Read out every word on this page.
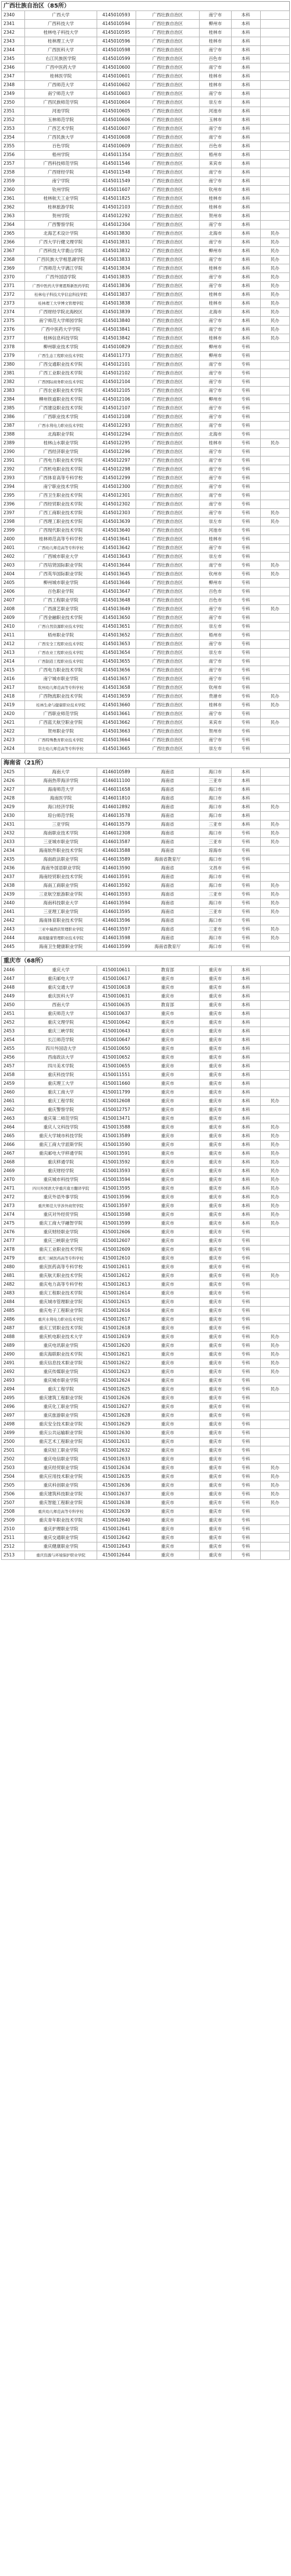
广西壮族自治区（85所）
2340	广西大学	4145010593	广西壮族自治区	南宁市	本科	
2341	广西科技大学	4145010594	广西壮族自治区	柳州市	本科	
2342	桂林电子科技大学	4145010595	广西壮族自治区	桂林市	本科	
2343	桂林理工大学	4145010596	广西壮族自治区	桂林市	本科	
2344	广西医科大学	4145010598	广西壮族自治区	南宁市	本科	
2345	右江民族医学院	4145010599	广西壮族自治区	百色市	本科	
2346	广西中医药大学	4145010600	广西壮族自治区	南宁市	本科	
2347	桂林医学院	4145010601	广西壮族自治区	桂林市	本科	
2348	广西师范大学	4145010602	广西壮族自治区	桂林市	本科	
2349	南宁师范大学	4145010603	广西壮族自治区	南宁市	本科	
2350	广西民族师范学院	4145010604	广西壮族自治区	崇左市	本科	
2351	河池学院	4145010605	广西壮族自治区	河池市	本科	
2352	玉林师范学院	4145010606	广西壮族自治区	玉林市	本科	
2353	广西艺术学院	4145010607	广西壮族自治区	南宁市	本科	
2354	广西民族大学	4145010608	广西壮族自治区	南宁市	本科	
2355	百色学院	4145010609	广西壮族自治区	百色市	本科	
2356	梧州学院	4145011354	广西壮族自治区	梧州市	本科	
2357	广西科技师范学院	4145011546	广西壮族自治区	来宾市	本科	
2358	广西财经学院	4145011548	广西壮族自治区	南宁市	本科	
2359	南宁学院	4145011549	广西壮族自治区	南宁市	本科	
2360	钦州学院	4145011607	广西壮族自治区	钦州市	本科	
2361	桂林航天工业学院	4145011825	广西壮族自治区	桂林市	本科	
2362	桂林旅游学院	4145012103	广西壮族自治区	桂林市	本科	
2363	贺州学院	4145012292	广西壮族自治区	贺州市	本科	
2364	广西警察学院	4145012304	广西壮族自治区	南宁市	本科	
2365	北海艺术设计学院	4145013830	广西壮族自治区	北海市	本科	民办
2366	广西大学行健文理学院	4145013831	广西壮族自治区	南宁市	本科	民办
2367	广西科技大学鹿山学院	4145013832	广西壮族自治区	柳州市	本科	民办
2368	广西民族大学相思湖学院	4145013833	广西壮族自治区	南宁市	本科	民办
2369	广西师范大学漓江学院	4145013834	广西壮族自治区	桂林市	本科	民办
2370	广西外国语学院	4145013835	广西壮族自治区	南宁市	本科	民办
2371	广西中医药大学赛恩斯新医药学院	4145013836	广西壮族自治区	南宁市	本科	民办
2372	桂林电子科技大学信息科技学院	4145013837	广西壮族自治区	桂林市	本科	民办
2373	桂林理工大学博文管理学院	4145013838	广西壮族自治区	桂林市	本科	民办
2374	广西财经学院北海校区	4145013839	广西壮族自治区	北海市	本科	民办
2375	南宁师范大学师园学院	4145013840	广西壮族自治区	南宁市	本科	民办
2376	广西中医药大学学院	4145013841	广西壮族自治区	南宁市	本科	民办
2377	桂林信息科技学院	4145013842	广西壮族自治区	桂林市	本科	民办
2378	柳州职业技术学院	4145010829	广西壮族自治区	柳州市	专科	
2379	广西生态工程职业技术学院	4145011773	广西壮族自治区	柳州市	专科	
2380	广西交通职业技术学院	4145012101	广西壮族自治区	南宁市	专科	
2381	广西工业职业技术学院	4145012102	广西壮族自治区	南宁市	专科	
2382	广西国际商务职业技术学院	4145012104	广西壮族自治区	南宁市	专科	
2383	广西农业职业技术学院	4145012105	广西壮族自治区	南宁市	专科	
2384	柳州铁道职业技术学院	4145012106	广西壮族自治区	柳州市	专科	
2385	广西建设职业技术学院	4145012107	广西壮族自治区	南宁市	专科	
2386	广西职业技术学院	4145012108	广西壮族自治区	南宁市	专科	
2387	广西水利电力职业技术学院	4145012293	广西壮族自治区	南宁市	专科	
2388	北海职业学院	4145012294	广西壮族自治区	北海市	专科	
2389	桂林山水职业学院	4145012295	广西壮族自治区	桂林市	专科	民办
2390	广西经济职业学院	4145012296	广西壮族自治区	南宁市	专科	
2391	广西电力职业技术学院	4145012297	广西壮族自治区	南宁市	专科	
2392	广西机电职业技术学院	4145012298	广西壮族自治区	南宁市	专科	
2393	广西体育高等专科学校	4145012299	广西壮族自治区	南宁市	专科	
2394	南宁职业技术学院	4145012300	广西壮族自治区	南宁市	专科	
2395	广西卫生职业技术学院	4145012301	广西壮族自治区	南宁市	专科	
2396	广西经贸职业技术学院	4145012302	广西壮族自治区	南宁市	专科	
2397	广西工商职业技术学院	4145012303	广西壮族自治区	南宁市	专科	民办
2398	广西理工职业技术学院	4145013639	广西壮族自治区	崇左市	专科	民办
2399	广西现代职业技术学院	4145013640	广西壮族自治区	河池市	专科	
2400	桂林师范高等专科学校	4145013641	广西壮族自治区	桂林市	专科	
2401	广西幼儿师范高等专科学校	4145013642	广西壮族自治区	南宁市	专科	
2402	广西城市职业大学	4145013643	广西壮族自治区	崇左市	专科	
2403	广西培贤国际职业学院	4145013644	广西壮族自治区	南宁市	专科	民办
2404	广西英华国际职业学院	4145013645	广西壮族自治区	钦州市	专科	民办
2405	柳州城市职业学院	4145013646	广西壮族自治区	柳州市	专科	
2406	百色职业学院	4145013647	广西壮族自治区	百色市	专科	
2407	广西工程职业学院	4145013648	广西壮族自治区	百色市	专科	
2408	广西演艺职业学院	4145013649	广西壮族自治区	南宁市	专科	民办
2409	广西金融职业技术学院	4145013650	广西壮族自治区	南宁市	专科	
2410	广西自然资源职业技术学院	4145013651	广西壮族自治区	崇左市	专科	
2411	梧州职业学院	4145013652	广西壮族自治区	梧州市	专科	
2412	广西安全工程职业技术学院	4145013653	广西壮族自治区	南宁市	专科	
2413	广西农业工程职业技术学院	4145013654	广西壮族自治区	崇左市	专科	
2414	广西制造工程职业技术学院	4145013655	广西壮族自治区	南宁市	专科	
2415	广西电力职业技术学院	4145013656	广西壮族自治区	南宁市	专科	
2416	南宁城市职业学院	4145013657	广西壮族自治区	南宁市	专科	
2417	钦州幼儿师范高等专科学校	4145013658	广西壮族自治区	钦州市	专科	
2418	广西物流职业技术学院	4145013659	广西壮族自治区	贵港市	专科	民办
2419	桂林生命与健康职业技术学院	4145013660	广西壮族自治区	桂林市	专科	民办
2420	广西职业师范学院	4145013661	广西壮族自治区	南宁市	专科	
2421	广西蓝天航空职业学院	4145013662	广西壮族自治区	来宾市	专科	民办
2422	贺州职业学院	4145013663	广西壮族自治区	贺州市	专科	
2423	广西特殊教育职业技术学院	4145013664	广西壮族自治区	南宁市	专科	
2424	崇左幼儿师范高等专科学校	4145013665	广西壮族自治区	崇左市	专科	
海南省（21所）
2425	海南大学	4146010589	海南省	海口市	本科	
2426	海南热带海洋学院	4146011100	海南省	三亚市	本科	
2427	海南师范大学	4146011658	海南省	海口市	本科	
2428	海南医学院	4146011810	海南省	海口市	本科	
2429	海口经济学院	4146012892	海南省	海口市	本科	民办
2430	琼台师范学院	4146013578	海南省	海口市	本科	
2431	三亚学院	4146013579	海南省	三亚市	本科	民办
2432	海南职业技术学院	4146012308	海南省	海口市	专科	民办
2433	三亚城市职业学院	4146013587	海南省	三亚市	专科	民办
2434	海南软件职业技术学院	4146013588	海南省	琼海市	专科	
2435	海南政法职业学院	4146013589	海南省教育厅	海口市	专科	
2436	海南外国语职业学院	4146013590	海南省	文昌市	专科	
2437	海南经贸职业技术学院	4146013591	海南省	海口市	专科	
2438	海南工商职业学院	4146013592	海南省	海口市	专科	民办
2439	三亚航空旅游职业学院	4146013593	海南省	三亚市	专科	民办
2440	海南科技职业大学	4146013594	海南省	海口市	专科	民办
2441	三亚理工职业学院	4146013595	海南省	三亚市	专科	民办
2442	海南体育职业技术学院	4146013596	海南省	海口市	专科	
2443	三亚中瑞酒店管理职业学院	4146013597	海南省	三亚市	专科	民办
2444	海南健康管理职业技术学院	4146013598	海南省	海口市	专科	民办
2445	海南卫生健康职业学院	4146013599	海南省教育厅	海口市	专科	
重庆市（68所）
2446	重庆大学	4150010611	教育部	重庆市	本科	
2447	重庆邮电大学	4150010617	重庆市	重庆市	本科	
2448	重庆交通大学	4150010618	重庆市	重庆市	本科	
2449	重庆医科大学	4150010631	重庆市	重庆市	本科	
2450	西南大学	4150010635	教育部	重庆市	本科	
2451	重庆师范大学	4150010637	重庆市	重庆市	本科	
2452	重庆文理学院	4150010642	重庆市	重庆市	本科	
2453	重庆三峡学院	4150010643	重庆市	重庆市	本科	
2454	长江师范学院	4150010647	重庆市	重庆市	本科	
2455	四川外国语大学	4150010650	重庆市	重庆市	本科	
2456	西南政法大学	4150010652	重庆市	重庆市	本科	
2457	四川美术学院	4150010655	重庆市	重庆市	本科	
2458	重庆科技学院	4150011551	重庆市	重庆市	本科	
2459	重庆理工大学	4150011660	重庆市	重庆市	本科	
2460	重庆工商大学	4150011799	重庆市	重庆市	本科	
2461	重庆工程学院	4150012608	重庆市	重庆市	本科	民办
2462	重庆警察学院	4150012757	重庆市	重庆市	本科	
2463	重庆第二师范学院	4150013471	重庆市	重庆市	本科	
2464	重庆人文科技学院	4150013588	重庆市	重庆市	本科	民办
2465	重庆大学城市科技学院	4150013589	重庆市	重庆市	本科	民办
2466	重庆工商大学派斯学院	4150013590	重庆市	重庆市	本科	民办
2467	重庆邮电大学移通学院	4150013591	重庆市	重庆市	本科	民办
2468	重庆移通学院	4150013592	重庆市	重庆市	本科	民办
2469	重庆财经学院	4150013593	重庆市	重庆市	本科	民办
2470	重庆城市科技学院	4150013594	重庆市	重庆市	本科	民办
2471	四川外国语大学重庆南方翻译学院	4150013595	重庆市	重庆市	本科	民办
2472	重庆外语外事学院	4150013596	重庆市	重庆市	本科	民办
2473	重庆师范大学涉外商贸学院	4150013597	重庆市	重庆市	本科	民办
2474	重庆对外经贸学院	4150013598	重庆市	重庆市	本科	民办
2475	重庆工商大学融智学院	4150013599	重庆市	重庆市	本科	民办
2476	重庆财经职业学院	4150012606	重庆市	重庆市	专科	
2477	重庆三峡职业学院	4150012607	重庆市	重庆市	专科	
2478	重庆工业职业技术学院	4150012609	重庆市	重庆市	专科	
2479	重庆三峡医药高等专科学校	4150012610	重庆市	重庆市	专科	
2480	重庆医药高等专科学校	4150012611	重庆市	重庆市	专科	
2481	重庆航天职业技术学院	4150012612	重庆市	重庆市	专科	民办
2482	重庆电力高等专科学校	4150012613	重庆市	重庆市	专科	
2483	重庆工程职业技术学院	4150012614	重庆市	重庆市	专科	
2484	重庆城市管理职业学院	4150012615	重庆市	重庆市	专科	
2485	重庆电子工程职业学院	4150012616	重庆市	重庆市	专科	
2486	重庆水利电力职业技术学院	4150012617	重庆市	重庆市	专科	
2487	重庆工贸职业技术学院	4150012618	重庆市	重庆市	专科	
2488	重庆机电职业技术大学	4150012619	重庆市	重庆市	专科	民办
2489	重庆电讯职业学院	4150012620	重庆市	重庆市	专科	民办
2490	重庆海联职业技术学院	4150012621	重庆市	重庆市	专科	民办
2491	重庆信息技术职业学院	4150012622	重庆市	重庆市	专科	民办
2492	重庆传媒职业学院	4150012623	重庆市	重庆市	专科	民办
2493	重庆城市职业学院	4150012624	重庆市	重庆市	专科	
2494	重庆工程学院	4150012625	重庆市	重庆市	专科	民办
2495	重庆建筑工程职业学院	4150012626	重庆市	重庆市	专科	
2496	重庆化工职业学院	4150012627	重庆市	重庆市	专科	
2497	重庆旅游职业学院	4150012628	重庆市	重庆市	专科	
2498	重庆安全技术职业学院	4150012629	重庆市	重庆市	专科	
2499	重庆公共运输职业学院	4150012630	重庆市	重庆市	专科	
2500	重庆艺术工程职业学院	4150012631	重庆市	重庆市	专科	
2501	重庆轻工职业学院	4150012632	重庆市	重庆市	专科	
2502	重庆电信职业学院	4150012633	重庆市	重庆市	专科	
2503	重庆经贸职业学院	4150012634	重庆市	重庆市	专科	民办
2504	重庆应用技术职业学院	4150012635	重庆市	重庆市	专科	民办
2505	重庆科创职业学院	4150012636	重庆市	重庆市	专科	民办
2506	重庆建筑科技职业学院	4150012637	重庆市	重庆市	专科	民办
2507	重庆智能工程职业学院	4150012638	重庆市	重庆市	专科	民办
2508	重庆幼儿师范高等专科学校	4150012639	重庆市	重庆市	专科	
2509	重庆青年职业技术学院	4150012640	重庆市	重庆市	专科	
2510	重庆护理职业学院	4150012641	重庆市	重庆市	专科	
2511	重庆交通职业学院	4150012642	重庆市	重庆市	专科	
2512	重庆健康职业学院	4150012643	重庆市	重庆市	专科	
2513	重庆资源与环境保护职业学院	4150012644	重庆市	重庆市	专科	
